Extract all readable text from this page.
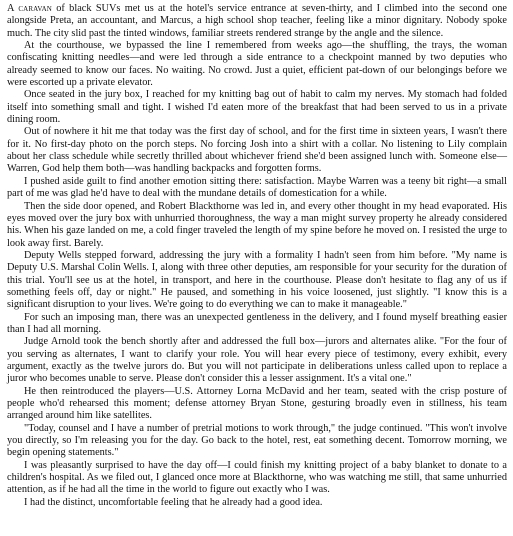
A caravan of black SUVs met us at the hotel's service entrance at seven-thirty, and I climbed into the second one alongside Preta, an accountant, and Marcus, a high school shop teacher, feeling like a minor dignitary. Nobody spoke much. The city slid past the tinted windows, familiar streets rendered strange by the angle and the silence.

At the courthouse, we bypassed the line I remembered from weeks ago—the shuffling, the trays, the woman confiscating knitting needles—and were led through a side entrance to a checkpoint manned by two deputies who already seemed to know our faces. No waiting. No crowd. Just a quiet, efficient pat-down of our belongings before we were escorted up a private elevator.

Once seated in the jury box, I reached for my knitting bag out of habit to calm my nerves. My stomach had folded itself into something small and tight. I wished I'd eaten more of the breakfast that had been served to us in a private dining room.

Out of nowhere it hit me that today was the first day of school, and for the first time in sixteen years, I wasn't there for it. No first-day photo on the porch steps. No forcing Josh into a shirt with a collar. No listening to Lily complain about her class schedule while secretly thrilled about whichever friend she'd been assigned lunch with. Someone else—Warren, God help them both—was handling backpacks and forgotten forms.

I pushed aside guilt to find another emotion sitting there: satisfaction. Maybe Warren was a teeny bit right—a small part of me was glad he'd have to deal with the mundane details of domestication for a while.

Then the side door opened, and Robert Blackthorne was led in, and every other thought in my head evaporated. His eyes moved over the jury box with unhurried thoroughness, the way a man might survey property he already considered his. When his gaze landed on me, a cold finger traveled the length of my spine before he moved on. I resisted the urge to look away first. Barely.

Deputy Wells stepped forward, addressing the jury with a formality I hadn't seen from him before. "My name is Deputy U.S. Marshal Colin Wells. I, along with three other deputies, am responsible for your security for the duration of this trial. You'll see us at the hotel, in transport, and here in the courthouse. Please don't hesitate to flag any of us if something feels off, day or night." He paused, and something in his voice loosened, just slightly. "I know this is a significant disruption to your lives. We're going to do everything we can to make it manageable."

For such an imposing man, there was an unexpected gentleness in the delivery, and I found myself breathing easier than I had all morning.

Judge Arnold took the bench shortly after and addressed the full box—jurors and alternates alike. "For the four of you serving as alternates, I want to clarify your role. You will hear every piece of testimony, every exhibit, every argument, exactly as the twelve jurors do. But you will not participate in deliberations unless called upon to replace a juror who becomes unable to serve. Please don't consider this a lesser assignment. It's a vital one."

He then reintroduced the players—U.S. Attorney Lorna McDavid and her team, seated with the crisp posture of people who'd rehearsed this moment; defense attorney Bryan Stone, gesturing broadly even in stillness, his team arranged around him like satellites.

"Today, counsel and I have a number of pretrial motions to work through," the judge continued. "This won't involve you directly, so I'm releasing you for the day. Go back to the hotel, rest, eat something decent. Tomorrow morning, we begin opening statements."

I was pleasantly surprised to have the day off—I could finish my knitting project of a baby blanket to donate to a children's hospital. As we filed out, I glanced once more at Blackthorne, who was watching me still, that same unhurried attention, as if he had all the time in the world to figure out exactly who I was.

I had the distinct, uncomfortable feeling that he already had a good idea.
